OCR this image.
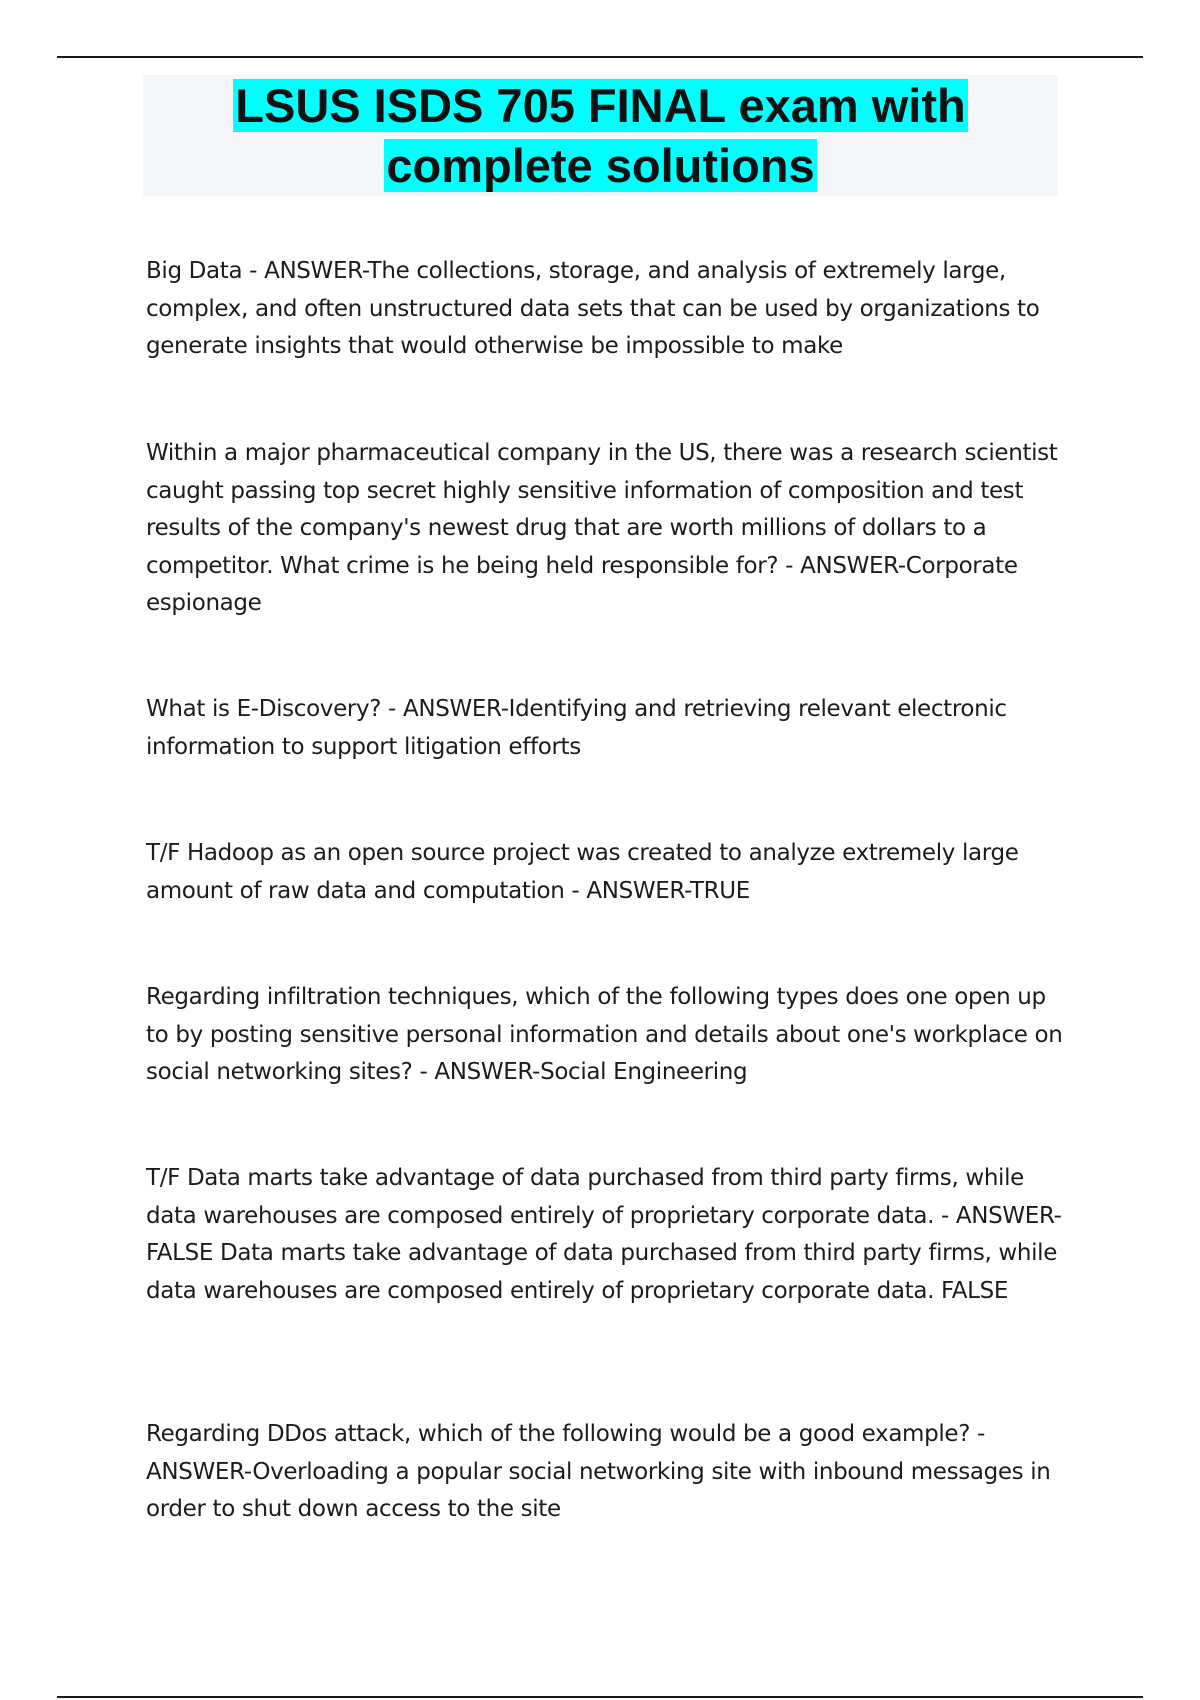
LSUS ISDS 705 FINAL exam with complete solutions

Big Data - ANSWER-The collections, storage, and analysis of extremely large, complex, and often unstructured data sets that can be used by organizations to generate insights that would otherwise be impossible to make

Within a major pharmaceutical company in the US, there was a research scientist caught passing top secret highly sensitive information of composition and test results of the company's newest drug that are worth millions of dollars to a competitor. What crime is he being held responsible for? - ANSWER-Corporate espionage

What is E-Discovery? - ANSWER-Identifying and retrieving relevant electronic information to support litigation efforts

T/F Hadoop as an open source project was created to analyze extremely large amount of raw data and computation - ANSWER-TRUE

Regarding infiltration techniques, which of the following types does one open up to by posting sensitive personal information and details about one's workplace on social networking sites? - ANSWER-Social Engineering

T/F Data marts take advantage of data purchased from third party firms, while data warehouses are composed entirely of proprietary corporate data. - ANSWER-FALSE Data marts take advantage of data purchased from third party firms, while data warehouses are composed entirely of proprietary corporate data. FALSE

Regarding DDos attack, which of the following would be a good example? - ANSWER-Overloading a popular social networking site with inbound messages in order to shut down access to the site
